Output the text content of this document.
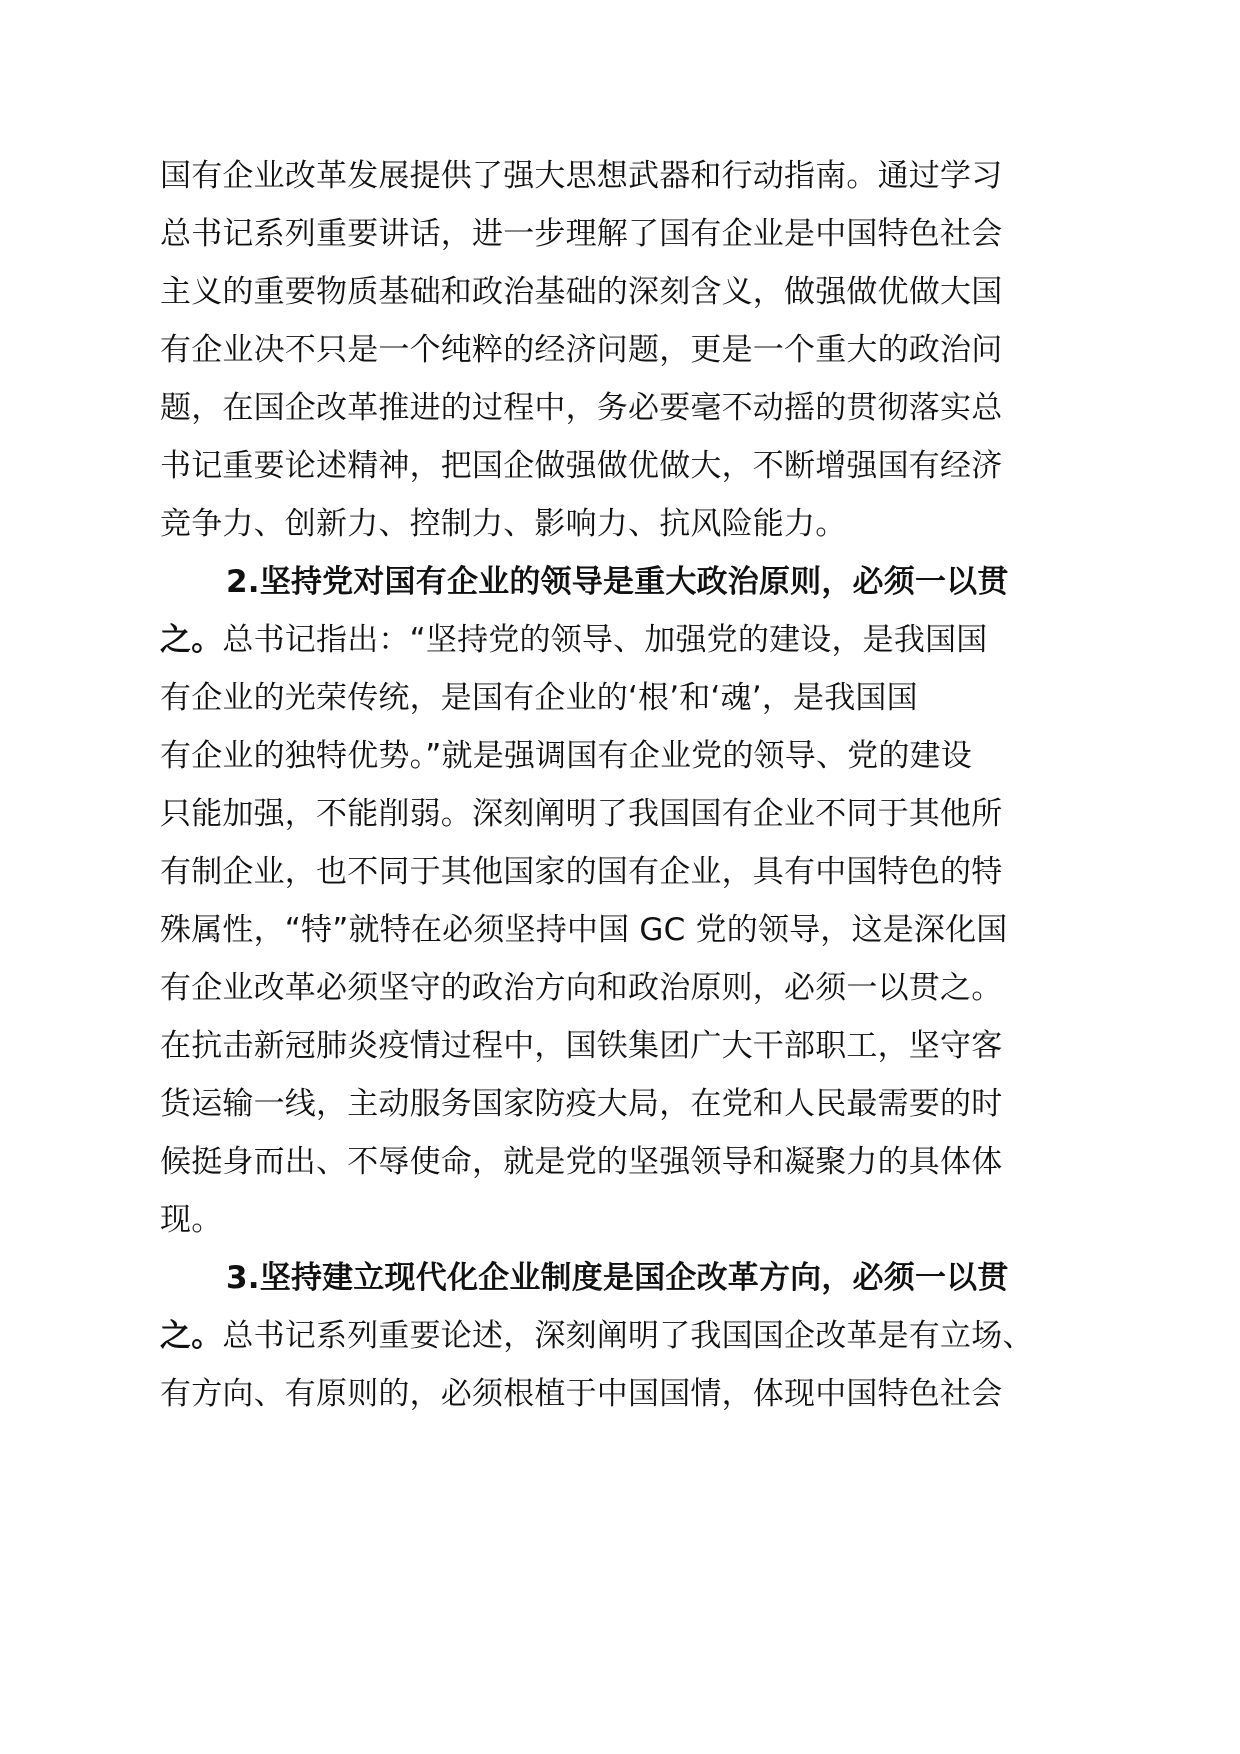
国有企业改革发展提供了强大思想武器和行动指南。通过学习
总书记系列重要讲话，进一步理解了国有企业是中国特色社会
主义的重要物质基础和政治基础的深刻含义，做强做优做大国
有企业决不只是一个纯粹的经济问题，更是一个重大的政治问
题，在国企改革推进的过程中，务必要毫不动摇的贯彻落实总
书记重要论述精神，把国企做强做优做大，不断增强国有经济
竞争力、创新力、控制力、影响力、抗风险能力。
2.坚持党对国有企业的领导是重大政治原则，必须一以贯
之。总书记指出：“坚持党的领导、加强党的建设，是我国国
有企业的光荣传统，是国有企业的‘根’和‘魂’，是我国国
有企业的独特优势。”就是强调国有企业党的领导、党的建设
只能加强，不能削弱。深刻阐明了我国国有企业不同于其他所
有制企业，也不同于其他国家的国有企业，具有中国特色的特
殊属性，“特”就特在必须坚持中国 GC 党的领导，这是深化国
有企业改革必须坚守的政治方向和政治原则，必须一以贯之。
在抗击新冠肺炎疫情过程中，国铁集团广大干部职工，坚守客
货运输一线，主动服务国家防疫大局，在党和人民最需要的时
候挺身而出、不辱使命，就是党的坚强领导和凝聚力的具体体
现。
3.坚持建立现代化企业制度是国企改革方向，必须一以贯
之。总书记系列重要论述，深刻阐明了我国国企改革是有立场、
有方向、有原则的，必须根植于中国国情，体现中国特色社会
